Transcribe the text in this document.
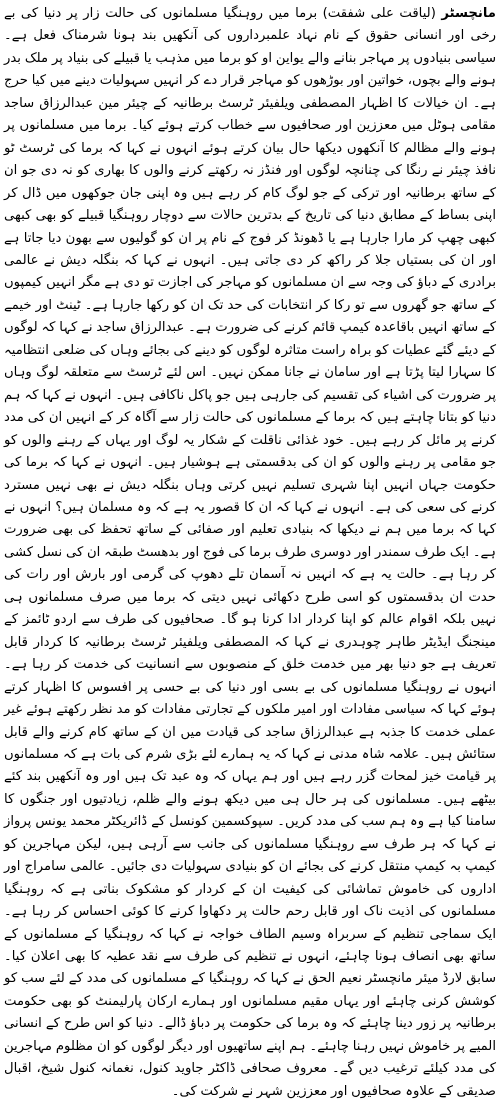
مانچسٹر (لیاقت علی شفقت) برما میں روہنگیا مسلمانوں کی حالت زار پر دنیا کی بے رخی اور انسانی حقوق کے نام نہاد علمبرداروں کی آنکھیں بند ہونا شرمناک فعل ہے۔ سیاسی بنیادوں پر مہاجر بنانے والے یواین او کو برما میں مذہب یا قبیلے کی بنیاد پر ملک بدر ہونے والے بچوں، خواتین اور بوڑھوں کو مہاجر قرار دے کر انہیں سہولیات دینے میں کیا حرج ہے۔ ان خیالات کا اظہار المصطفی ویلفیئر ٹرسٹ برطانیہ کے چیئر مین عبدالرزاق ساجد مقامی ہوٹل میں معززین اور صحافیوں سے خطاب کرتے ہوئے کیا۔ برما میں مسلمانوں پر ہونے والے مظالم کا آنکھوں دیکھا حال بیان کرتے ہوئے انہوں نے کہا کہ برما کی ٹرسٹ ٹو نافذ چیئر نے رنگا کی چنانچہ لوگوں اور فنڈز نہ رکھتے کرنے والوں کا بھاری کو نہ دی جو ان کے ساتھ برطانیہ اور ترکی کے جو لوگ کام کر رہے ہیں وہ اپنی جان جوکھوں میں ڈال کر اپنی بساط کے مطابق دنیا کی تاریخ کے بدترین حالات سے دوچار روہنگیا قبیلے کو بھی کبھی کبھی چھپ کر مارا جارہا ہے یا ڈھونڈ کر فوج کے نام پر ان کو گولیوں سے بھون دیا جاتا ہے اور ان کی بستیاں جلا کر راکھ کر دی جاتی ہیں۔ انہوں نے کہا کہ بنگلہ دیش نے عالمی برادری کے دباؤ کی وجہ سے ان مسلمانوں کو مہاجر کی اجازت تو دی ہے مگر انہیں کیمپوں کے ساتھ جو گھروں سے تو رکا کر انتخابات کی حد تک ان کو رکھا جارہا ہے۔ ٹینٹ اور خیمے کے ساتھ انہیں باقاعدہ کیمپ قائم کرنے کی ضرورت ہے۔ عبدالرزاق ساجد نے کہا کہ لوگوں کے دیئے گئے عطیات کو براہ راست متاثرہ لوگوں کو دینے کی بجائے وہاں کی ضلعی انتظامیہ کا سہارا لیتا پڑتا ہے اور سامان نے جانا ممکن نہیں۔ اس لئے ٹرسٹ سے متعلقہ لوگ وہاں پر ضرورت کی اشیاء کی تقسیم کی جارہی ہیں جو پاکل ناکافی ہیں۔ انہوں نے کہا کہ ہم دنیا کو بتانا چاہتے ہیں کہ برما کے مسلمانوں کی حالت زار سے آگاہ کر کے انہیں ان کی مدد کرنے پر مائل کر رہے ہیں۔ خود غذائی ناقلت کے شکار یہ لوگ اور یہاں کے رہنے والوں کو جو مقامی پر رہنے والوں کو ان کی بدقسمتی ہے ہوشیار ہیں۔ انہوں نے کہا کہ برما کی حکومت جہاں انہیں اپنا شہری تسلیم نہیں کرتی وہاں بنگلہ دیش نے بھی نہیں مسترد کرنے کی سعی کی ہے۔ انہوں نے کہا کہ ان کا قصور یہ ہے کہ وہ مسلمان ہیں؟ انہوں نے کہا کہ برما میں ہم نے دیکھا کہ بنیادی تعلیم اور صفائی کے ساتھ تحفظ کی بھی ضرورت ہے۔ ایک طرف سمندر اور دوسری طرف برما کی فوج اور بدھسٹ طبقہ ان کی نسل کشی کر رہا ہے۔ حالت یہ ہے کہ انہیں نہ آسمان تلے دھوپ کی گرمی اور بارش اور رات کی حدت ان بدقسمتوں کو اسی طرح دکھائی نہیں دیتی کہ برما میں صرف مسلمانوں ہی نہیں بلکہ اقوام عالم کو اپنا کردار ادا کرنا ہو گا۔ صحافیوں کی طرف سے اردو ٹائمز کے مینجنگ ایڈیٹر طاہر چوہدری نے کہا کہ المصطفی ویلفیئر ٹرسٹ برطانیہ کا کردار قابل تعریف ہے جو دنیا بھر میں خدمت خلق کے منصوبوں سے انسانیت کی خدمت کر رہا ہے۔ انہوں نے روہنگیا مسلمانوں کی بے بسی اور دنیا کی بے حسی پر افسوس کا اظہار کرتے ہوئے کہا کہ سیاسی مفادات اور امیر ملکوں کے تجارتی مفادات کو مد نظر رکھتے ہوئے غیر عملی خدمت کا جذبہ ہے عبدالرزاق ساجد کی قیادت میں ان کے ساتھ کام کرنے والے قابل ستائش ہیں۔ علامہ شاہ مدنی نے کہا کہ یہ ہمارے لئے بڑی شرم کی بات ہے کہ مسلمانوں پر قیامت خیز لمحات گزر رہے ہیں اور ہم یہاں کہ وہ عبد تک ہیں اور وہ آنکھیں بند کئے بیٹھے ہیں۔ مسلمانوں کی ہر حال ہی میں دیکھ ہونے والے ظلم، زیادتیوں اور جنگوں کا سامنا کیا ہے وہ ہم سب کی مدد کریں۔ سپوکسمین کونسل کے ڈائریکٹر محمد یونس پرواز نے کہا کہ ہر طرف سے روہنگیا مسلمانوں کی جانب سے آرہی ہیں، لیکن مہاجرین کو کیمپ بہ کیمپ منتقل کرنے کی بجائے ان کو بنیادی سہولیات دی جائیں۔ عالمی سامراج اور اداروں کی خاموش تماشائی کی کیفیت ان کے کردار کو مشکوک بناتی ہے کہ روہنگیا مسلمانوں کی اذیت ناک اور قابل رحم حالت پر دکھاوا کرنے کا کوئی احساس کر رہا ہے۔ ایک سماجی تنظیم کے سربراہ وسیم الطاف خواجہ نے کہا کہ روہنگیا کے مسلمانوں کے ساتھ بھی انصاف ہونا چاہئے، انہوں نے تنظیم کی طرف سے نقد عطیہ کا بھی اعلان کیا۔ سابق لارڈ میئر مانچسٹر نعیم الحق نے کہا کہ روہنگیا کے مسلمانوں کی مدد کے لئے سب کو کوشش کرنی چاہئے اور یہاں مقیم مسلمانوں اور ہمارے ارکان پارلیمنٹ کو بھی حکومت برطانیہ پر زور دینا چاہئے کہ وہ برما کی حکومت پر دباؤ ڈالے۔ دنیا کو اس طرح کے انسانی المیے پر خاموش نہیں رہنا چاہئے۔ ہم اپنے ساتھیوں اور دیگر لوگوں کو ان مظلوم مہاجرین کی مدد کیلئے ترغیب دیں گے۔ معروف صحافی ڈاکٹر جاوید کنول، نغمانہ کنول شیخ، اقبال صدیقی کے علاوہ صحافیوں اور معززین شہر نے شرکت کی۔
